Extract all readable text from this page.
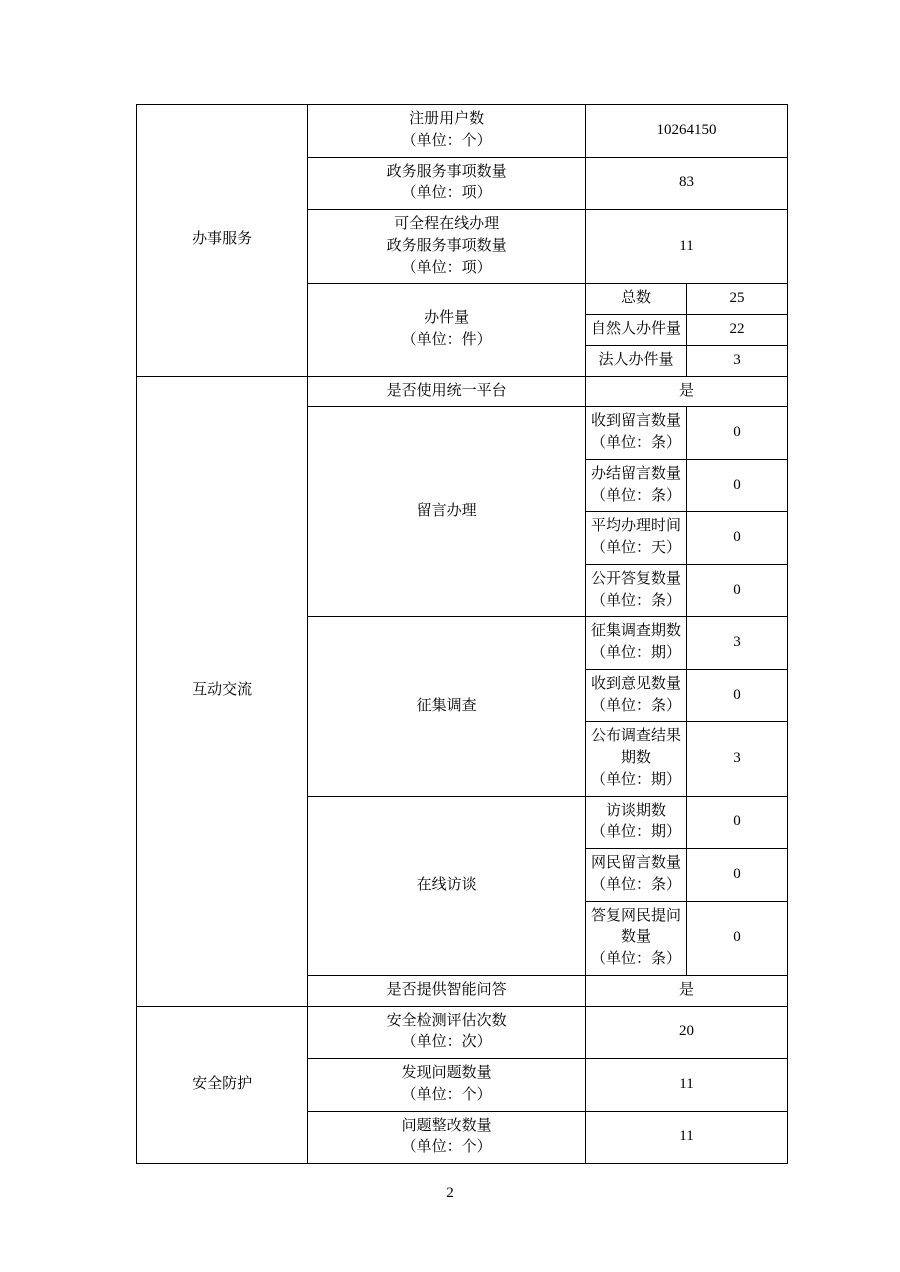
办事服务	注册用户数
（单位：个）	10264150	

	政务服务事项数量
（单位：项）	83	

	可全程在线办理
政务服务事项数量
（单位：项）	11	

	办件量
（单位：件）	总数	25
		自然人办件量	22
		法人办件量	3
互动交流	是否使用统一平台	是	
	留言办理	收到留言数量
（单位：条）	0

		办结留言数量
（单位：条）	0

		平均办理时间
（单位：天）	0

		公开答复数量
（单位：条）	0
	征集调查	征集调查期数
（单位：期）	3

		收到意见数量
（单位：条）	0

		公布调查结果期数
（单位：期）	3
	在线访谈	访谈期数
（单位：期）	0

		网民留言数量
（单位：条）	0

		答复网民提问数量
（单位：条）	0
	是否提供智能问答	是	
安全防护	安全检测评估次数
（单位：次）	20	

	发现问题数量
（单位：个）	11	

	问题整改数量
（单位：个）	11	
2
